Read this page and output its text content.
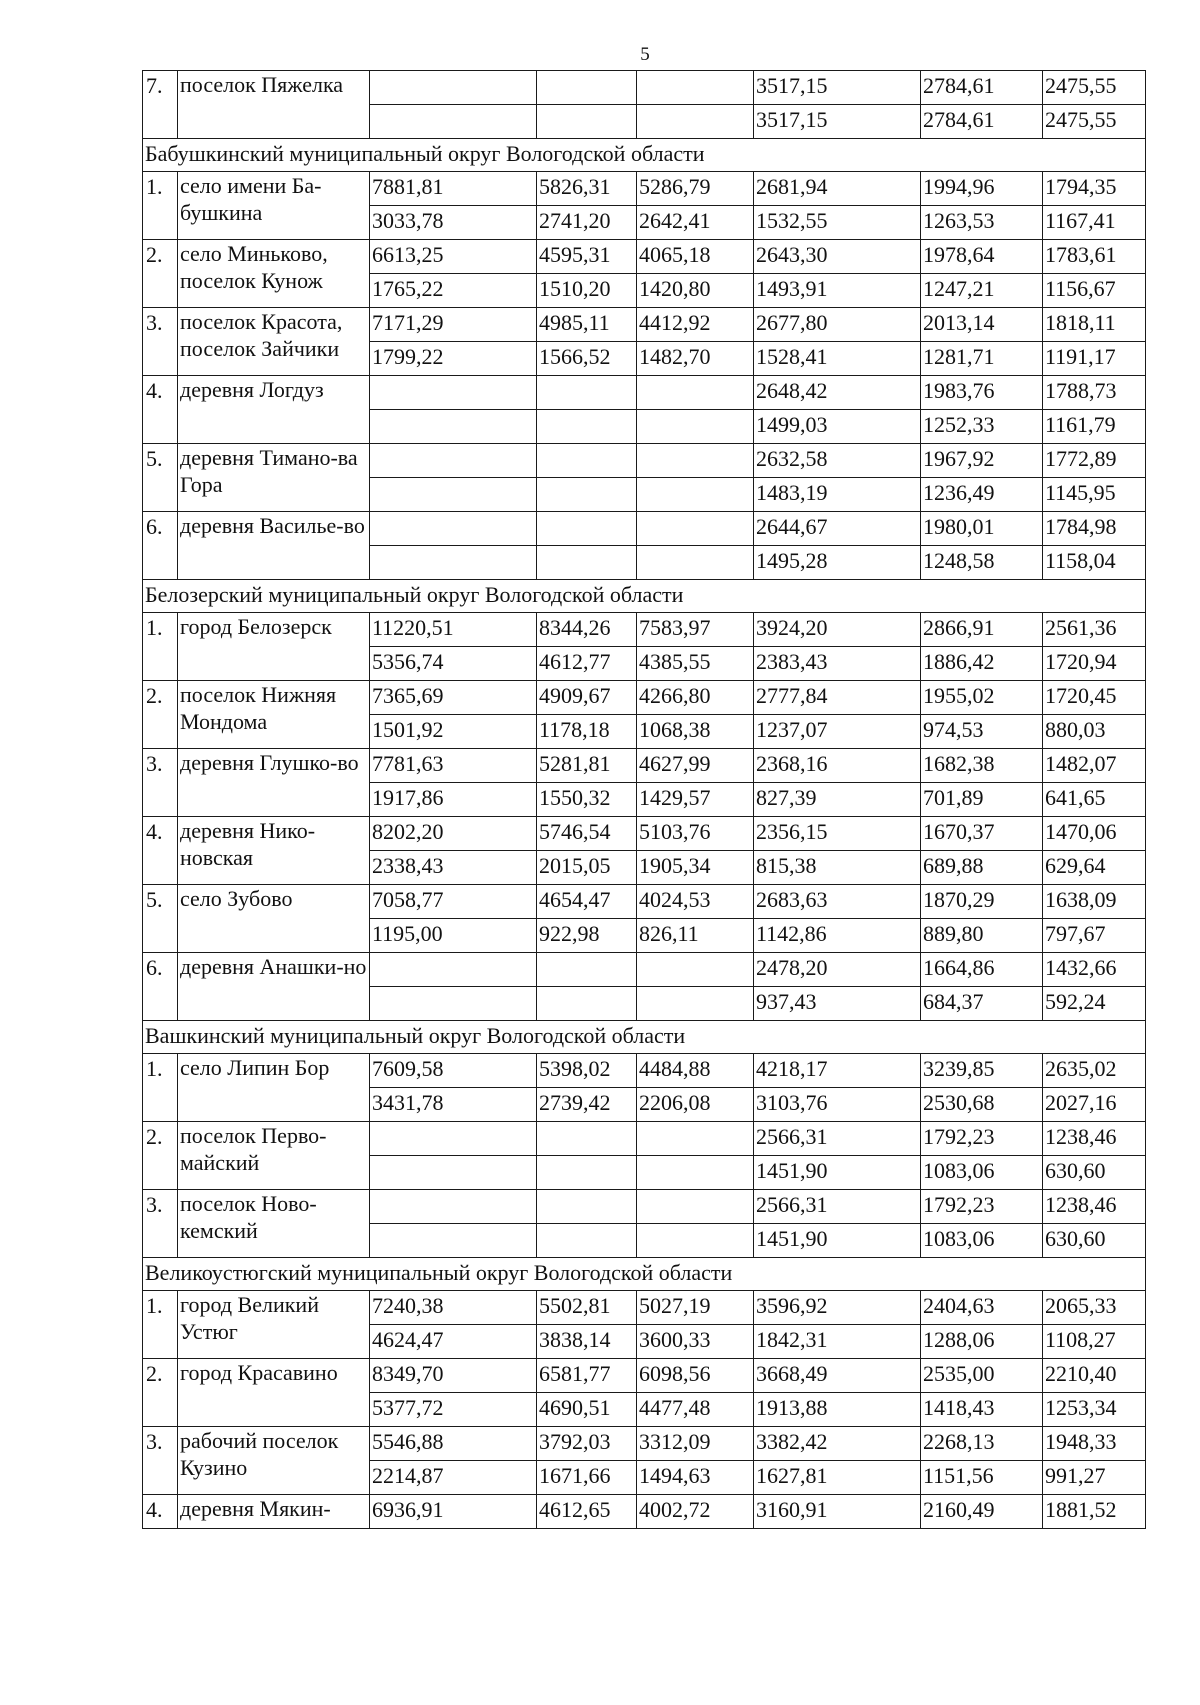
5
7.	поселок Пяжелка				3517,15	2784,61	2475,55
					3517,15	2784,61	2475,55
Бабушкинский муниципальный округ Вологодской области							
1.	село имени Ба-бушкина	7881,81	5826,31	5286,79	2681,94	1994,96	1794,35
		3033,78	2741,20	2642,41	1532,55	1263,53	1167,41
2.	село Миньково, поселок Кунож	6613,25	4595,31	4065,18	2643,30	1978,64	1783,61
		1765,22	1510,20	1420,80	1493,91	1247,21	1156,67
3.	поселок Красота, поселок Зайчики	7171,29	4985,11	4412,92	2677,80	2013,14	1818,11
		1799,22	1566,52	1482,70	1528,41	1281,71	1191,17
4.	деревня Логдуз				2648,42	1983,76	1788,73
					1499,03	1252,33	1161,79
5.	деревня Тимано-ва Гора				2632,58	1967,92	1772,89
					1483,19	1236,49	1145,95
6.	деревня Василье-во				2644,67	1980,01	1784,98
					1495,28	1248,58	1158,04
Белозерский муниципальный округ Вологодской области							
1.	город Белозерск	11220,51	8344,26	7583,97	3924,20	2866,91	2561,36
		5356,74	4612,77	4385,55	2383,43	1886,42	1720,94
2.	поселок Нижняя Мондома	7365,69	4909,67	4266,80	2777,84	1955,02	1720,45
		1501,92	1178,18	1068,38	1237,07	974,53	880,03
3.	деревня Глушко-во	7781,63	5281,81	4627,99	2368,16	1682,38	1482,07
		1917,86	1550,32	1429,57	827,39	701,89	641,65
4.	деревня Нико-новская	8202,20	5746,54	5103,76	2356,15	1670,37	1470,06
		2338,43	2015,05	1905,34	815,38	689,88	629,64
5.	село Зубово	7058,77	4654,47	4024,53	2683,63	1870,29	1638,09
		1195,00	922,98	826,11	1142,86	889,80	797,67
6.	деревня Анашки-но				2478,20	1664,86	1432,66
					937,43	684,37	592,24
Вашкинский муниципальный округ Вологодской области							
1.	село Липин Бор	7609,58	5398,02	4484,88	4218,17	3239,85	2635,02
		3431,78	2739,42	2206,08	3103,76	2530,68	2027,16
2.	поселок Перво-майский				2566,31	1792,23	1238,46
					1451,90	1083,06	630,60
3.	поселок Ново-кемский				2566,31	1792,23	1238,46
					1451,90	1083,06	630,60
Великоустюгский муниципальный округ Вологодской области							
1.	город Великий Устюг	7240,38	5502,81	5027,19	3596,92	2404,63	2065,33
		4624,47	3838,14	3600,33	1842,31	1288,06	1108,27
2.	город Красавино	8349,70	6581,77	6098,56	3668,49	2535,00	2210,40
		5377,72	4690,51	4477,48	1913,88	1418,43	1253,34
3.	рабочий поселок Кузино	5546,88	3792,03	3312,09	3382,42	2268,13	1948,33
		2214,87	1671,66	1494,63	1627,81	1151,56	991,27
4.	деревня Мякин-	6936,91	4612,65	4002,72	3160,91	2160,49	1881,52
